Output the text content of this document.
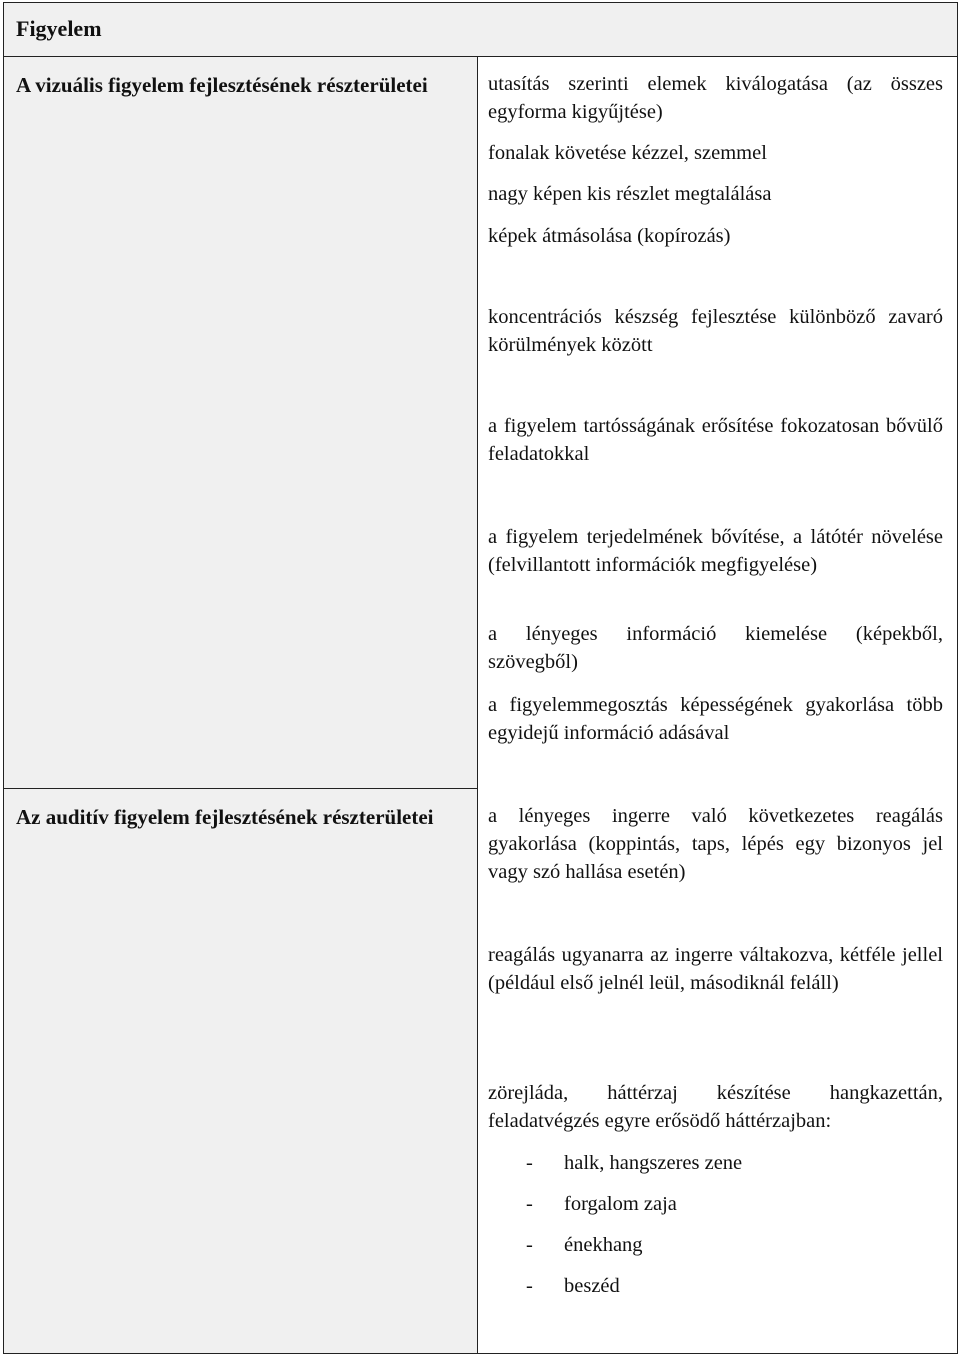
Figyelem
A vizuális figyelem fejlesztésének részterületei
Az auditív figyelem fejlesztésének részterületei
utasítás szerinti elemek kiválogatása (az összes egyforma kigyűjtése)
fonalak követése kézzel, szemmel
nagy képen kis részlet megtalálása
képek átmásolása (kopírozás)
koncentrációs készség fejlesztése különböző zavaró körülmények között
a figyelem tartósságának erősítése fokozatosan bővülő feladatokkal
a figyelem terjedelmének bővítése, a látótér növelése (felvillantott információk megfigyelése)
a lényeges információ kiemelése (képekből, szövegből)
a figyelemmegosztás képességének gyakorlása több egyidejű információ adásával
a lényeges ingerre való következetes reagálás gyakorlása (koppintás, taps, lépés egy bizonyos jel vagy szó hallása esetén)
reagálás ugyanarra az ingerre váltakozva, kétféle jellel (például első jelnél leül, másodiknál feláll)
zörejláda, háttérzaj készítése hangkazettán, feladatvégzés egyre erősödő háttérzajban:
- halk, hangszeres zene
- forgalom zaja
- énekhang
- beszéd
